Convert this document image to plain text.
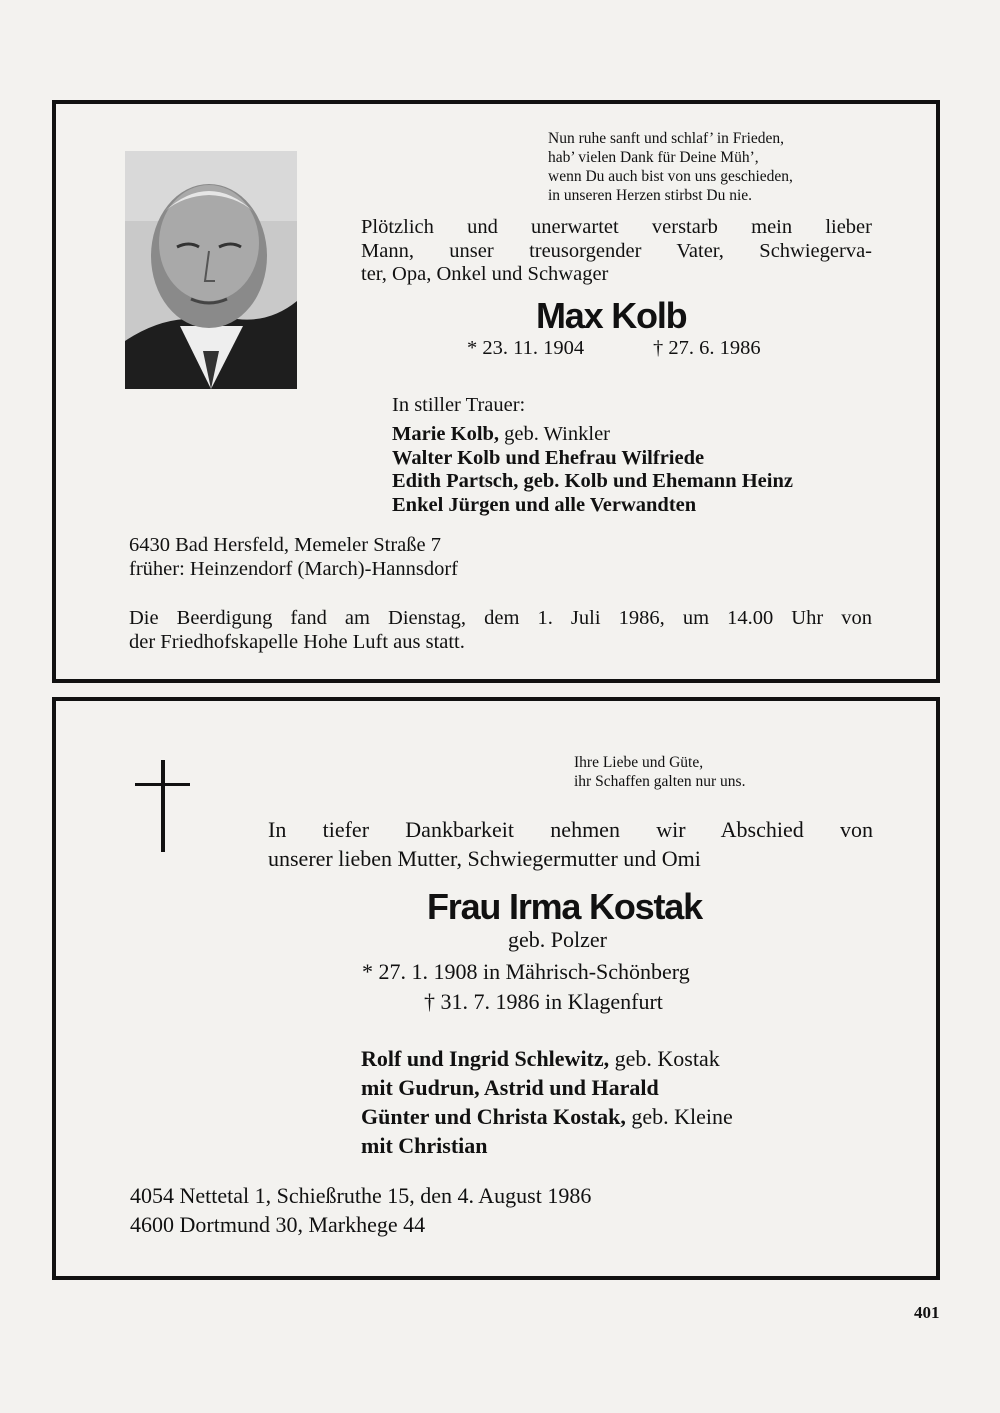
Nun ruhe sanft und schlaf’ in Frieden,
hab’ vielen Dank für Deine Müh’,
wenn Du auch bist von uns geschieden,
in unseren Herzen stirbst Du nie.
Plötzlich und unerwartet verstarb mein lieber
Mann, unser treusorgender Vater, Schwiegerva-
ter, Opa, Onkel und Schwager
Max Kolb
* 23. 11. 1904	† 27. 6. 1986
In stiller Trauer:
Marie Kolb, geb. Winkler
Walter Kolb und Ehefrau Wilfriede
Edith Partsch, geb. Kolb und Ehemann Heinz
Enkel Jürgen und alle Verwandten
6430 Bad Hersfeld, Memeler Straße 7
früher: Heinzendorf (March)-Hannsdorf
Die Beerdigung fand am Dienstag, dem 1. Juli 1986, um 14.00 Uhr von
der Friedhofskapelle Hohe Luft aus statt.
Ihre Liebe und Güte,
ihr Schaffen galten nur uns.
In tiefer Dankbarkeit nehmen wir Abschied von
unserer lieben Mutter, Schwiegermutter und Omi
Frau Irma Kostak
geb. Polzer
* 27. 1. 1908 in Mährisch-Schönberg
† 31. 7. 1986 in Klagenfurt
Rolf und Ingrid Schlewitz, geb. Kostak
mit Gudrun, Astrid und Harald
Günter und Christa Kostak, geb. Kleine
mit Christian
4054 Nettetal 1, Schießruthe 15, den 4. August 1986
4600 Dortmund 30, Markhege 44
401
